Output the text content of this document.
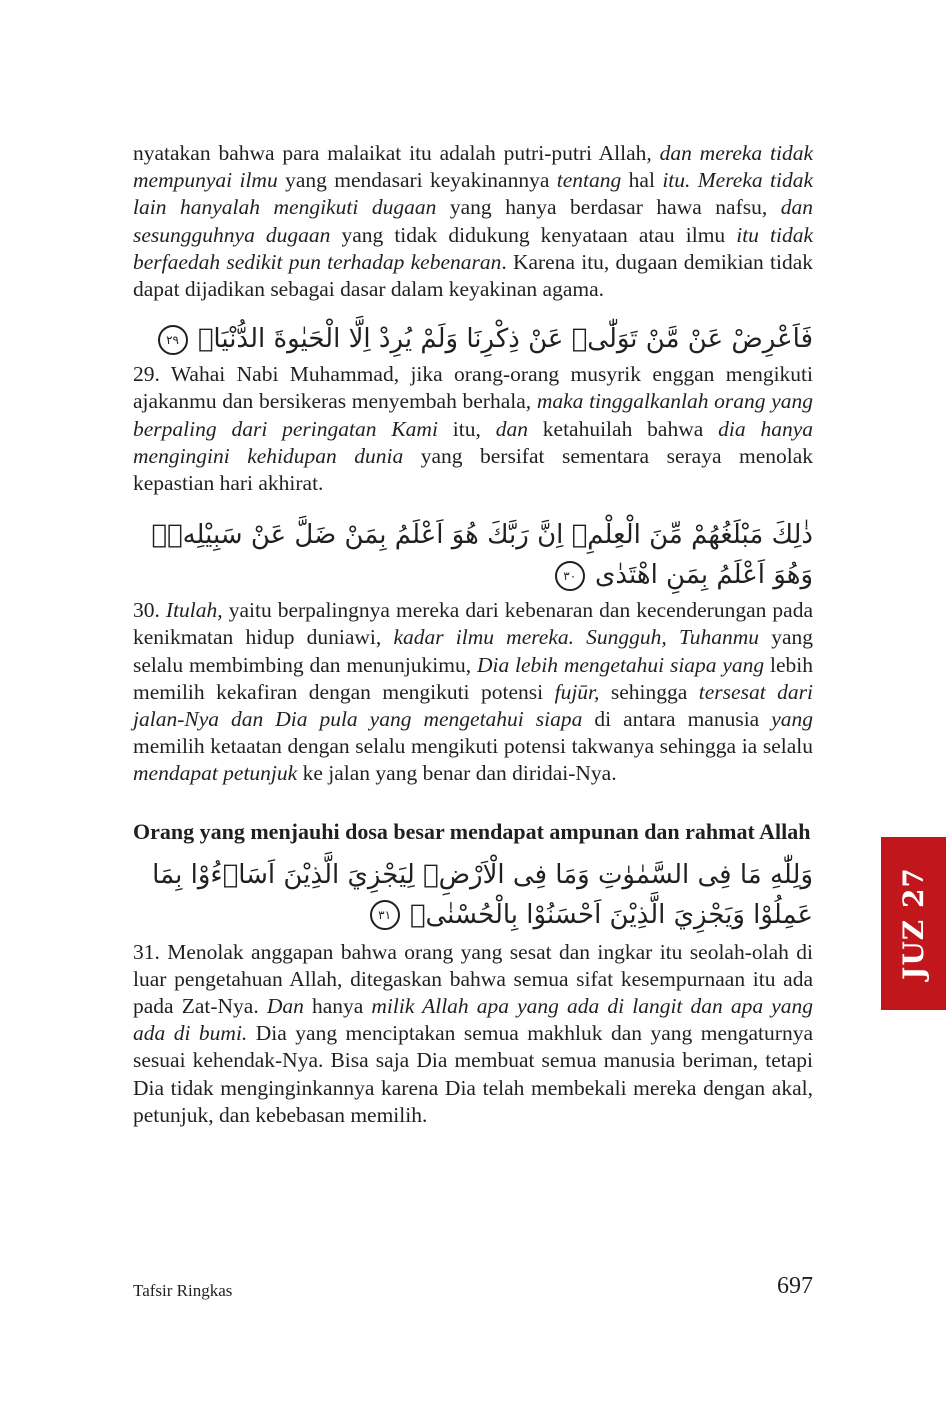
nyatakan bahwa para malaikat itu adalah putri-putri Allah, dan mereka tidak mempunyai ilmu yang mendasari keyakinannya tentang hal itu. Mereka tidak lain hanyalah mengikuti dugaan yang hanya berdasar hawa nafsu, dan sesungguhnya dugaan yang tidak didukung kenyataan atau ilmu itu tidak berfaedah sedikit pun terhadap kebenaran. Karena itu, dugaan demikian tidak dapat dijadikan sebagai dasar dalam keyakinan agama.

فَاَعْرِضْ عَنْ مَّنْ تَوَلّٰىۙ عَنْ ذِكْرِنَا وَلَمْ يُرِدْ اِلَّا الْحَيٰوةَ الدُّنْيَاۗ ٢٩

29. Wahai Nabi Muhammad, jika orang-orang musyrik enggan mengikuti ajakanmu dan bersikeras menyembah berhala, maka tinggalkanlah orang yang berpaling dari peringatan Kami itu, dan ketahuilah bahwa dia hanya mengingini kehidupan dunia yang bersifat sementara seraya menolak kepastian hari akhirat.

ذٰلِكَ مَبْلَغُهُمْ مِّنَ الْعِلْمِۗ اِنَّ رَبَّكَ هُوَ اَعْلَمُ بِمَنْ ضَلَّ عَنْ سَبِيْلِهٖۙ وَهُوَ اَعْلَمُ بِمَنِ اهْتَدٰى ٣٠

30. Itulah, yaitu berpalingnya mereka dari kebenaran dan kecenderungan pada kenikmatan hidup duniawi, kadar ilmu mereka. Sungguh, Tuhanmu yang selalu membimbing dan menunjukimu, Dia lebih mengetahui siapa yang lebih memilih kekafiran dengan mengikuti potensi fujūr, sehingga tersesat dari jalan-Nya dan Dia pula yang mengetahui siapa di antara manusia yang memilih ketaatan dengan selalu mengikuti potensi takwanya sehingga ia selalu mendapat petunjuk ke jalan yang benar dan diridai-Nya.

Orang yang menjauhi dosa besar mendapat ampunan dan rahmat Allah

وَلِلّٰهِ مَا فِى السَّمٰوٰتِ وَمَا فِى الْاَرْضِۙ لِيَجْزِيَ الَّذِيْنَ اَسَاۤءُوْا بِمَا عَمِلُوْا وَيَجْزِيَ الَّذِيْنَ اَحْسَنُوْا بِالْحُسْنٰىۚ ٣١

31. Menolak anggapan bahwa orang yang sesat dan ingkar itu seolah-olah di luar pengetahuan Allah, ditegaskan bahwa semua sifat kesempurnaan itu ada pada Zat-Nya. Dan hanya milik Allah apa yang ada di langit dan apa yang ada di bumi. Dia yang menciptakan semua makhluk dan yang mengaturnya sesuai kehendak-Nya. Bisa saja Dia membuat semua manusia beriman, tetapi Dia tidak menginginkannya karena Dia telah membekali mereka dengan akal, petunjuk, dan kebebasan memilih.

JUZ 27
Tafsir Ringkas	697
